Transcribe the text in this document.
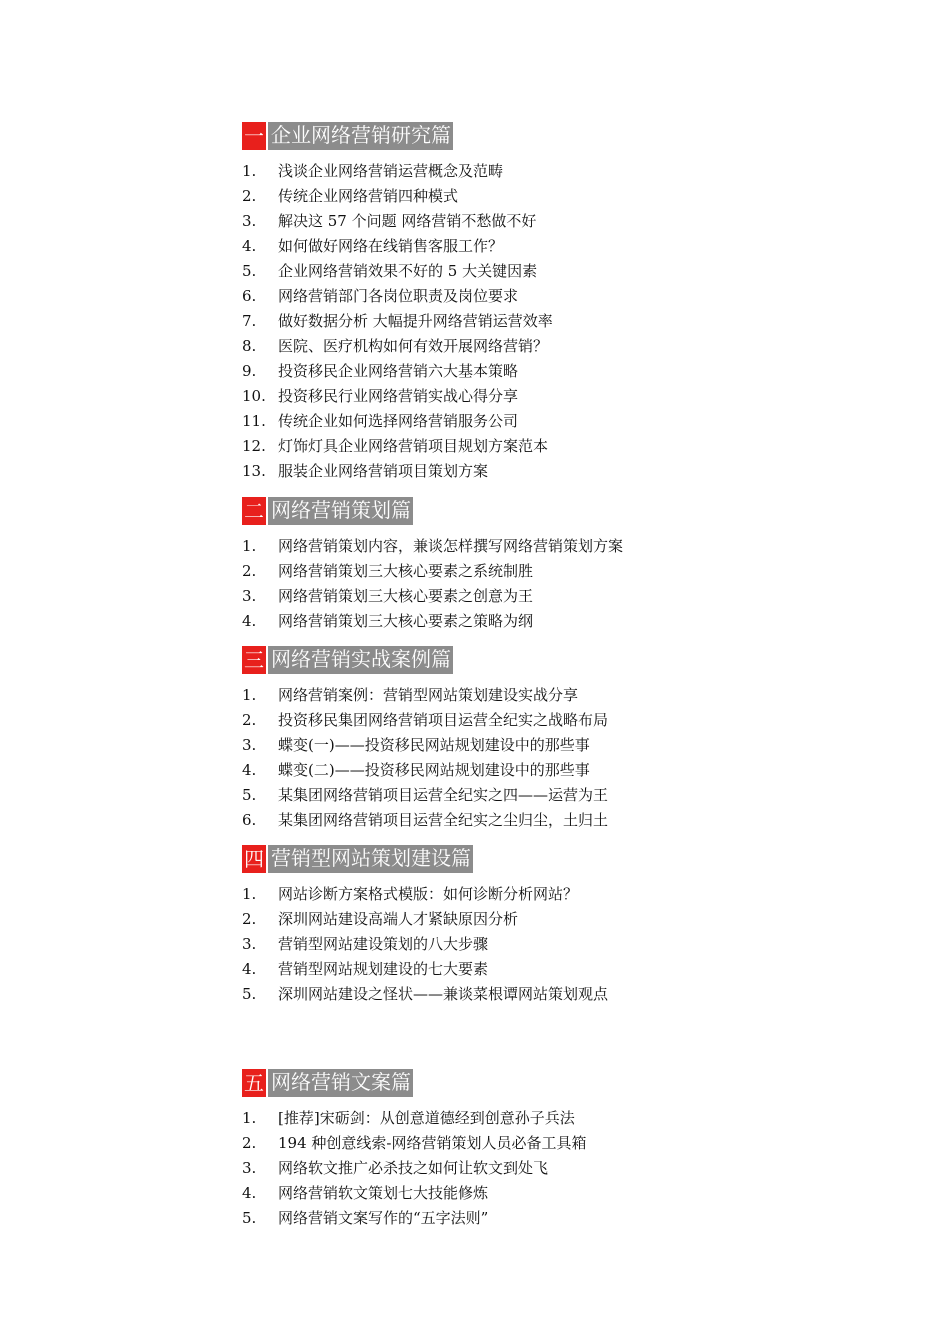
一 企业网络营销研究篇
1.	浅谈企业网络营销运营概念及范畴
2.	传统企业网络营销四种模式
3.	解决这 57 个问题 网络营销不愁做不好
4.	如何做好网络在线销售客服工作？
5.	企业网络营销效果不好的 5 大关键因素
6.	网络营销部门各岗位职责及岗位要求
7.	做好数据分析 大幅提升网络营销运营效率
8.	医院、医疗机构如何有效开展网络营销？
9.	投资移民企业网络营销六大基本策略
10. 投资移民行业网络营销实战心得分享
11. 传统企业如何选择网络营销服务公司
12. 灯饰灯具企业网络营销项目规划方案范本
13. 服装企业网络营销项目策划方案
二 网络营销策划篇
1.	网络营销策划内容，兼谈怎样撰写网络营销策划方案
2.	网络营销策划三大核心要素之系统制胜
3.	网络营销策划三大核心要素之创意为王
4.	网络营销策划三大核心要素之策略为纲
三 网络营销实战案例篇
1.	网络营销案例：营销型网站策划建设实战分享
2.	投资移民集团网络营销项目运营全纪实之战略布局
3.	蝶变(一)——投资移民网站规划建设中的那些事
4.	蝶变(二)——投资移民网站规划建设中的那些事
5.	某集团网络营销项目运营全纪实之四——运营为王
6.	某集团网络营销项目运营全纪实之尘归尘，土归土
四 营销型网站策划建设篇
1.	网站诊断方案格式模版：如何诊断分析网站？
2.	深圳网站建设高端人才紧缺原因分析
3.	营销型网站建设策划的八大步骤
4.	营销型网站规划建设的七大要素
5.	深圳网站建设之怪状——兼谈菜根谭网站策划观点
五 网络营销文案篇
1.	[推荐]宋砺剑：从创意道德经到创意孙子兵法
2.	194 种创意线索-网络营销策划人员必备工具箱
3.	网络软文推广必杀技之如何让软文到处飞
4.	网络营销软文策划七大技能修炼
5.	网络营销文案写作的“五字法则”
